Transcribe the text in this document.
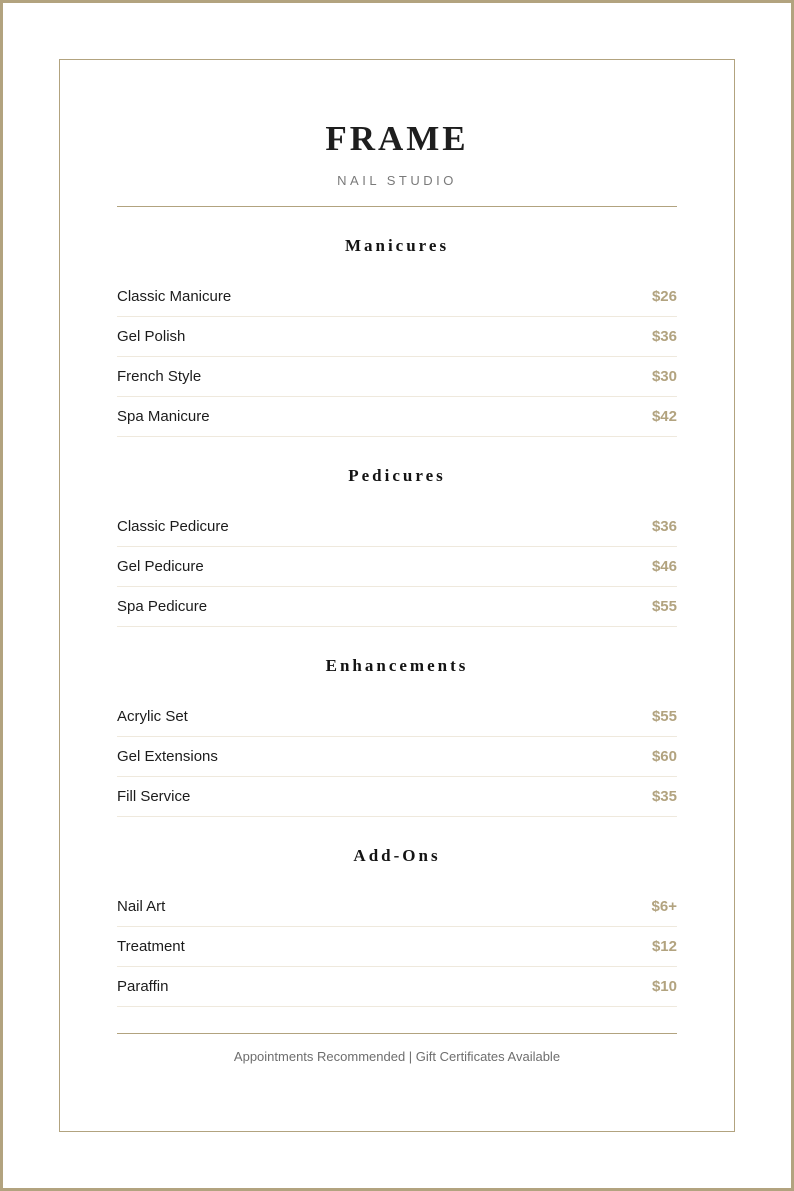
FRAME

NAIL STUDIO

Manicures
Classic Manicure	$26
Gel Polish	$36
French Style	$30
Spa Manicure	$42
Pedicures
Classic Pedicure	$36
Gel Pedicure	$46
Spa Pedicure	$55
Enhancements
Acrylic Set	$55
Gel Extensions	$60
Fill Service	$35
Add-Ons
Nail Art	$6+
Treatment	$12
Paraffin	$10

Appointments Recommended | Gift Certificates Available
